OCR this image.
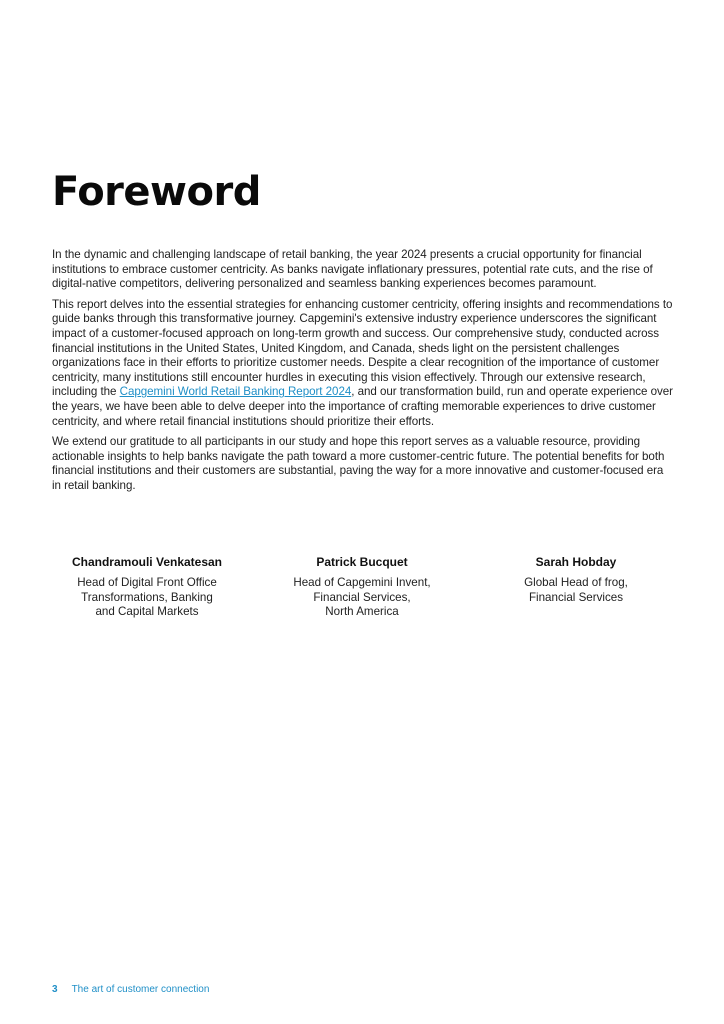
Foreword

In the dynamic and challenging landscape of retail banking, the year 2024 presents a crucial opportunity for financial institutions to embrace customer centricity. As banks navigate inflationary pressures, potential rate cuts, and the rise of digital-native competitors, delivering personalized and seamless banking experiences becomes paramount.

This report delves into the essential strategies for enhancing customer centricity, offering insights and recommendations to guide banks through this transformative journey. Capgemini's extensive industry experience underscores the significant impact of a customer-focused approach on long-term growth and success. Our comprehensive study, conducted across financial institutions in the United States, United Kingdom, and Canada, sheds light on the persistent challenges organizations face in their efforts to prioritize customer needs. Despite a clear recognition of the importance of customer centricity, many institutions still encounter hurdles in executing this vision effectively. Through our extensive research, including the Capgemini World Retail Banking Report 2024, and our transformation build, run and operate experience over the years, we have been able to delve deeper into the importance of crafting memorable experiences to drive customer centricity, and where retail financial institutions should prioritize their efforts.

We extend our gratitude to all participants in our study and hope this report serves as a valuable resource, providing actionable insights to help banks navigate the path toward a more customer-centric future. The potential benefits for both financial institutions and their customers are substantial, paving the way for a more innovative and customer-focused era in retail banking.

Chandramouli Venkatesan
Head of Digital Front Office
Transformations, Banking
and Capital Markets
Patrick Bucquet
Head of Capgemini Invent,
Financial Services,
North America
Sarah Hobday
Global Head of frog,
Financial Services
3 The art of customer connection
